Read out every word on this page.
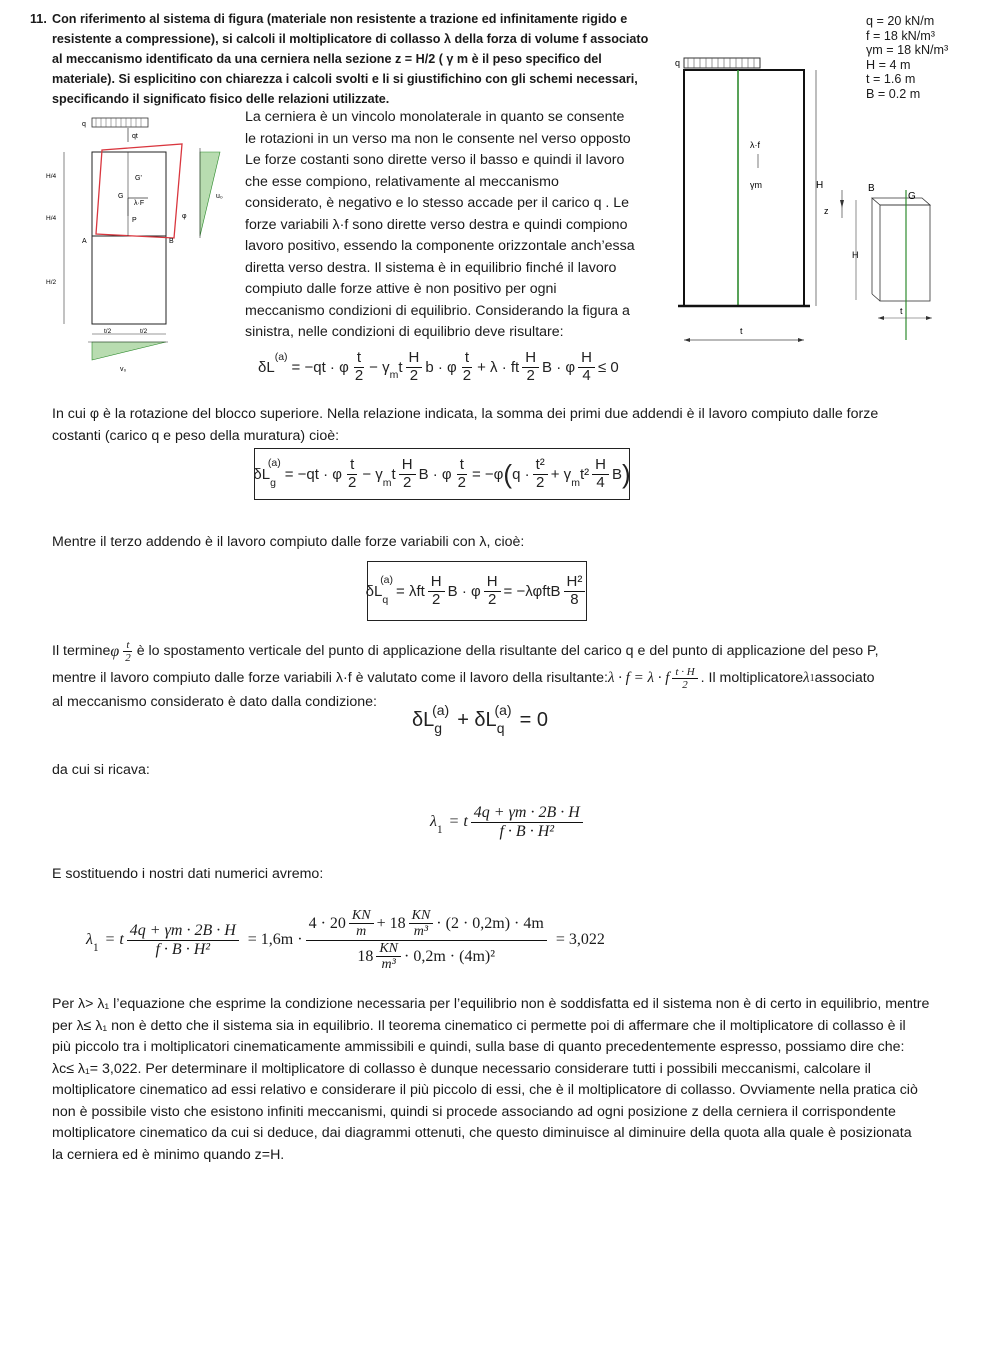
11. Con riferimento al sistema di figura (materiale non resistente a trazione ed infinitamente rigido e
resistente a compressione), si calcoli il moltiplicatore di collasso λ della forza di volume f associato
al meccanismo identificato da una cerniera nella sezione z = H/2 ( γ m è il peso specifico del
materiale). Si esplicitino con chiarezza i calcoli svolti e li si giustifichino con gli schemi necessari,
specificando il significato fisico delle relazioni utilizzate.
q = 20 kN/m
f = 18 kN/m³
γm = 18 kN/m³
H = 4 m
t = 1.6 m
B = 0.2 m
q
λ·f
γm	H
z
t
B
G
H
t
q
qt
G
G'
λ·F
P
A	B
H/4
H/4
H/2
u₀
φ
t/2	t/2
v₀
La cerniera è un vincolo monolaterale in quanto se consente
le rotazioni in un verso ma non le consente nel verso opposto
Le forze costanti sono dirette verso il basso e quindi il lavoro
che esse compiono, relativamente al meccanismo
considerato, è negativo e lo stesso accade per il carico q . Le
forze variabili λ·f sono dirette verso destra e quindi compiono
lavoro positivo, essendo la componente orizzontale anch’essa
diretta verso destra. Il sistema è in equilibrio finché il lavoro
compiuto dalle forze attive è non positivo per ogni
meccanismo condizioni di equilibrio. Considerando la figura a
sinistra, nelle condizioni di equilibrio deve risultare:
δL
$^{(a)}$
= −qt · φ $\frac{t}{2} - \gamma_m$ t $\frac{H}{2}$ b · φ $\frac{t}{2} + \lambda$ · ft $\frac{H}{2}$ B · φ $\frac{H}{4} \le 0$
In cui φ è la rotazione del blocco superiore. Nella relazione indicata, la somma dei primi due addendi è il lavoro compiuto dalle forze
costanti (carico q e peso della muratura) cioè:
δL
$_g$
(a)
= −qt · φ $\frac{t}{2} - \gamma$
$_m$
t $\frac{H}{2}$ B · φ $\frac{t}{2} = -\varphi$ ( $q \cdot \frac{\text{t²}}{2} + \gamma$
$_m$
$t^2 \frac{H}{4}$ B )
Mentre il terzo addendo è il lavoro compiuto dalle forze variabili con λ, cioè:
δL
$_q$
(a)
= λft $\frac{H}{2}$ B · φ $\frac{H}{2} = -\lambda\varphi ftB \frac{\text{H²}}{8}$
Il termine φ $\frac{t}{2}$ è lo spostamento verticale del punto di applicazione della risultante del carico q e del punto di applicazione del peso P,
mentre il lavoro compiuto dalle forze variabili λ·f è valutato come il lavoro della risultante: λ · f = λ · f $\frac{t \cdot H}{2}$ . Il moltiplicatore λ 1 associato
al meccanismo considerato è dato dalla condizione:
$\delta L_g$
$(a) + \delta L_q$
(a) = 0
da cui si ricava:
$\lambda_1 = t \frac{4q + \gamma m \cdot 2B \cdot H}{\text{f · B · H²}}$
E sostituendo i nostri dati numerici avremo:
$\lambda_1 = t \frac{4q + \gamma m \cdot 2B \cdot H}{\text{f · B · H²}} = 1,6m$ ·
$4 \cdot 20 \frac{KN}{m} + 18 \frac{KN}{\text{m³}} \cdot (2 \cdot 0,2m) \cdot 4m$
$18 \frac{KN}{\text{m³}} \cdot 0,2m \cdot (4m)^2$
= 3,022
Per λ> λ₁ l’equazione che esprime la condizione necessaria per l’equilibrio non è soddisfatta ed il sistema non è di certo in equilibrio, mentre
per λ≤ λ₁ non è detto che il sistema sia in equilibrio. Il teorema cinematico ci permette poi di affermare che il moltiplicatore di collasso è il
più piccolo tra i moltiplicatori cinematicamente ammissibili e quindi, sulla base di quanto precedentemente espresso, possiamo dire che:
λc≤ λ₁= 3,022. Per determinare il moltiplicatore di collasso è dunque necessario considerare tutti i possibili meccanismi, calcolare il
moltiplicatore cinematico ad essi relativo e considerare il più piccolo di essi, che è il moltiplicatore di collasso. Ovviamente nella pratica ciò
non è possibile visto che esistono infiniti meccanismi, quindi si procede associando ad ogni posizione z della cerniera il corrispondente
moltiplicatore cinematico da cui si deduce, dai diagrammi ottenuti, che questo diminuisce al diminuire della quota alla quale è posizionata
la cerniera ed è minimo quando z=H.
